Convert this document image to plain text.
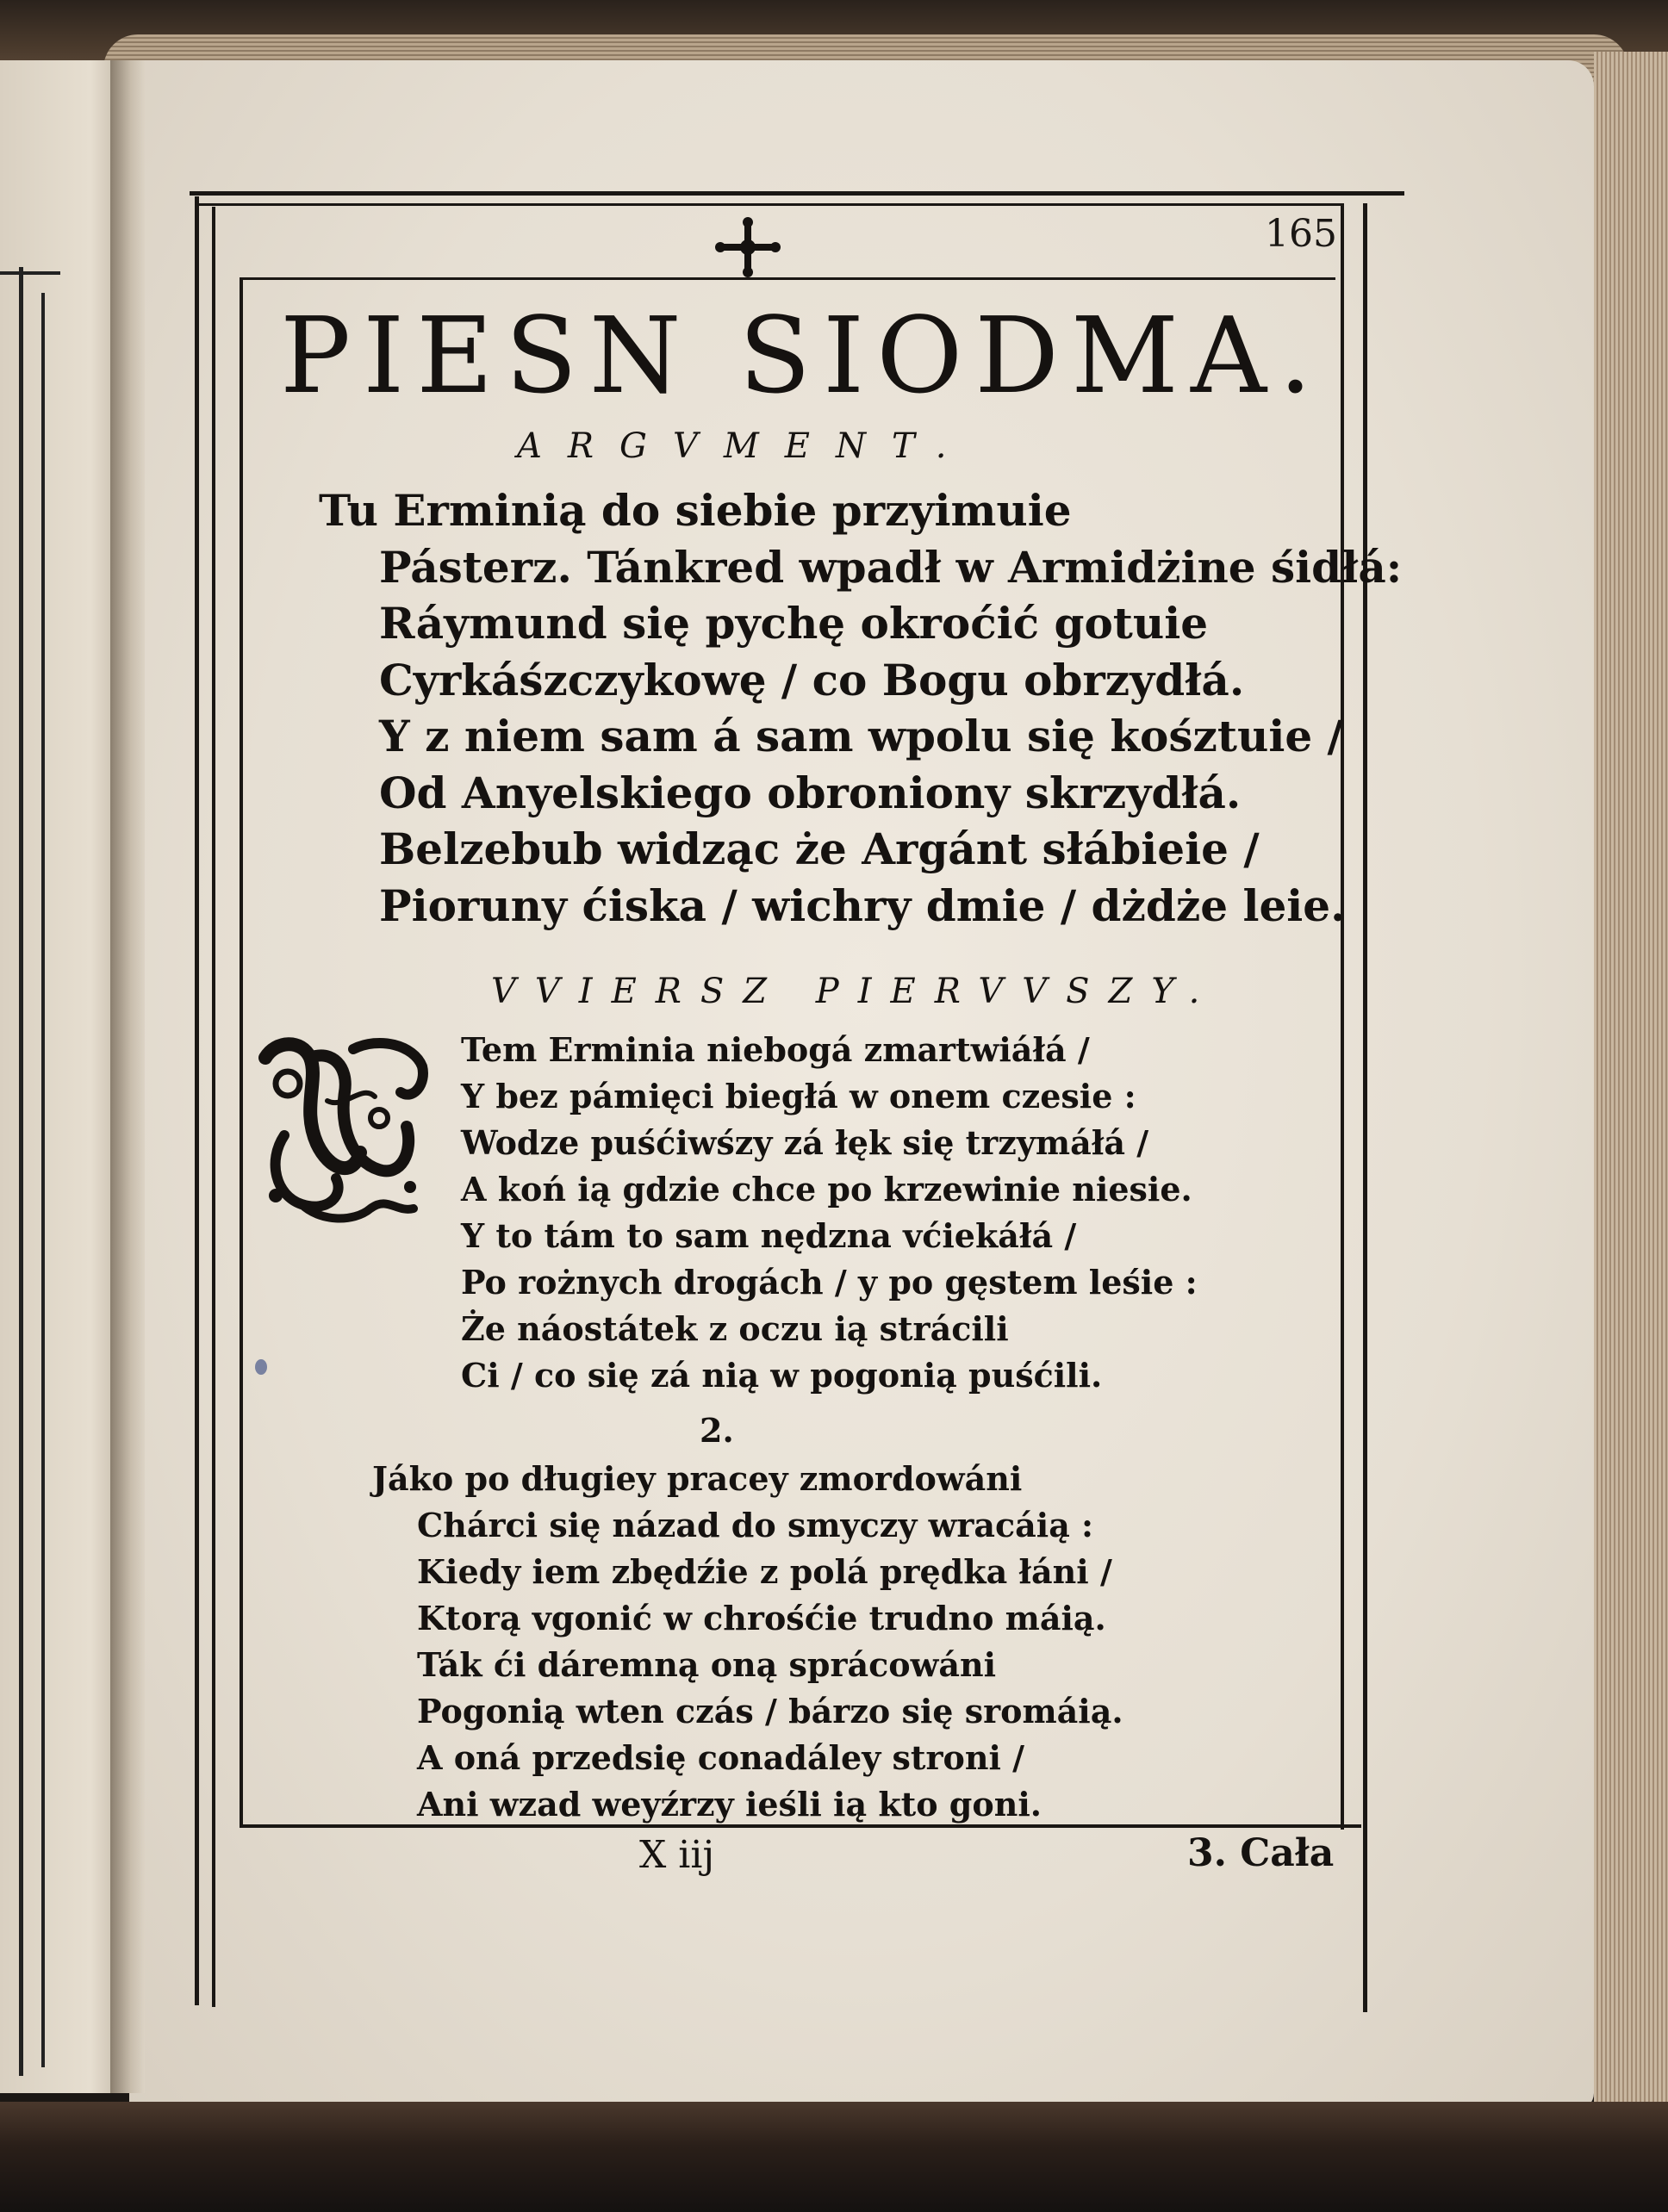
165
PIESN SIODMA.
ARGVMENT.
Tu Erminią do siebie przyimuie
Pásterz. Tánkred wpadł w Armidżine śidłá:
Ráymund się pychę okroćić gotuie
Cyrkáśzczykowę / co Bogu obrzydłá.
Y z niem sam á sam wpolu się kośztuie /
Od Anyelskiego obroniony skrzydłá.
Belzebub widząc że Argánt słábieie /
Pioruny ćiska / wichry dmie / dżdże leie.
VVIERSZ PIERVVSZY.
Tem Erminia niebogá zmartwiáłá /
Y bez pámięci biegłá w onem czesie :
Wodze puśćiwśzy zá łęk się trzymáłá /
A koń ią gdzie chce po krzewinie niesie.
Y to tám to sam nędzna vćiekáłá /
Po rożnych drogách / y po gęstem leśie :
Że náostátek z oczu ią strácili
Ci / co się zá nią w pogonią puśćili.
2.
Jáko po długiey pracey zmordowáni
Chárci się názad do smyczy wracáią :
Kiedy iem zbędźie z polá prędka łáni /
Ktorą vgonić w chrośćie trudno máią.
Ták ći dáremną oną sprácowáni
Pogonią wten czás / bárzo się sromáią.
A oná przedsię conadáley stroni /
Ani wzad weyźrzy ieśli ią kto goni.
X iij	3. Cała
